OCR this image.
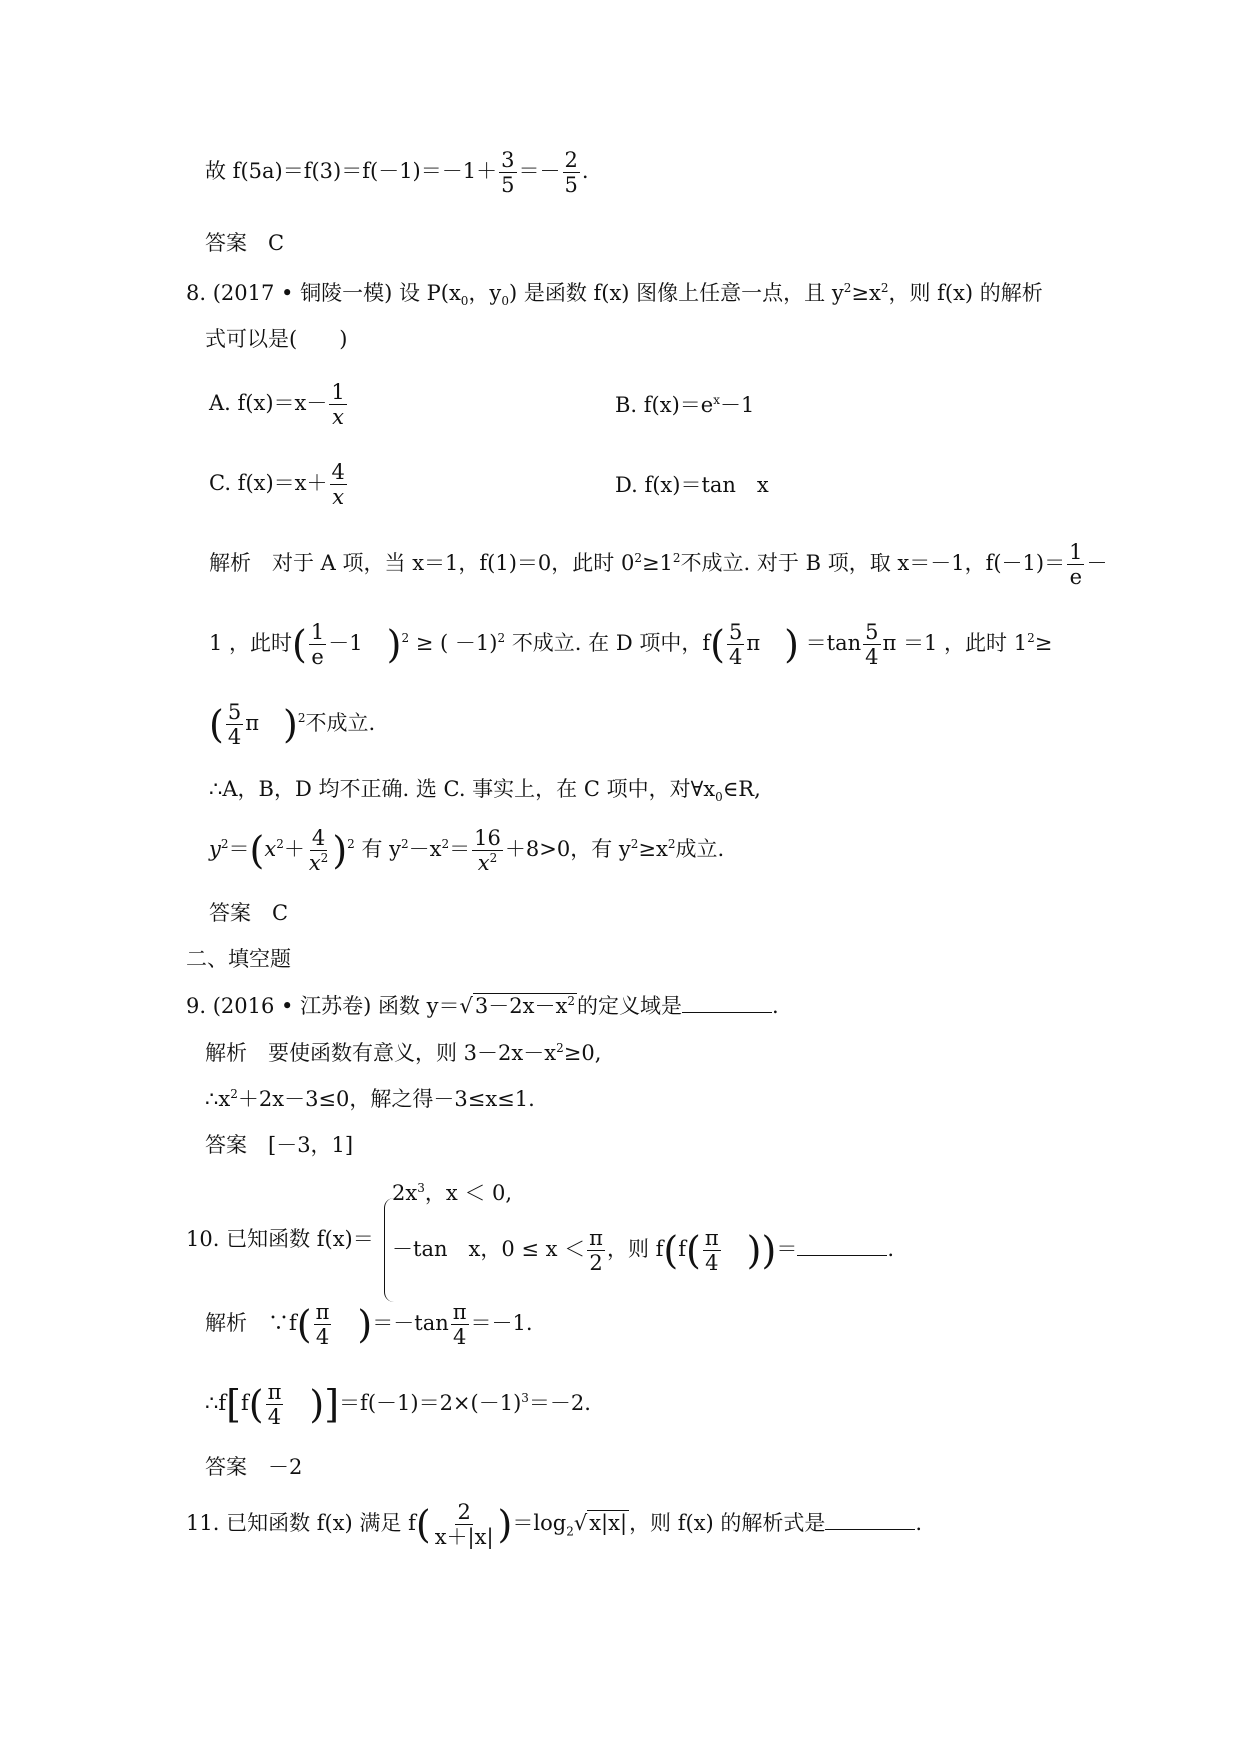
故 $f(5a)=f(3)=f(-1)=-1+ \frac{3}{5} =- \frac{2}{5}$ .
答案　C
8. (2017 • 铜陵一模) 设 $P(x_0$，$y_0$) 是函数 f(x) 图像上任意一点，且 $y^2\ge x^2$，则 f(x) 的解析
式可以是(　　)
A. $f(x)=x- \frac{1}{x}$	B. $f(x)=e^x-1$
C. $f(x)=x+ \frac{4}{x}$	D. f(x)＝tan　x
解析　对于 A 项，当 x＝1，f(1)＝0，此时 $0^2\ge 1^2$不成立. 对于 B 项，取 x＝－1，$f(-1)= \frac{1}{e}$ －
1 ，此时( $\frac{1}{e} -1$ )$^2$ ≥ ( －1)$^2$ 不成立. 在 D 项中，$f( \frac{5}{4}$ π ) $=\tan \frac{5}{4}$ π ＝1 ，此时 $1^2\ge$
( $\frac{5}{4}$ π )$^2$不成立.
∴A，B，D 均不正确. 选 C. 事实上，在 C 项中，对$\forall x_0\in R$,
$y^2=(x^2+ \frac{4}{x^2} )^2$ 有 $y^2-x^2= \frac{16}{x^2} +8>0$，有 $y^2\ge x^2$成立.
答案　C
二、填空题
9. (2016 • 江苏卷) 函数 $y=√3-2x-x^2$的定义域是	.
解析　要使函数有意义，则 $3-2x-x^2\ge 0$,
$\therefore x^2+2x-3\le 0$，解之得－3≤x≤1.
答案　[－3，1]
10. 已知函数 f(x)＝
$2x^3$，x ＜ 0,
－tan　x，$0 \le x < \frac{\pi}{2}$ ，则 $f(f( \frac{\pi}{4}$ ))＝	.
解析　∵f( $\frac{\pi}{4} )=-\tan \frac{\pi}{4} =-1$.
∴f[f( $\frac{\pi}{4} )]=f(-1)=2\times(-1)^3=-2$.
答案　－2
11. 已知函数 f(x) 满足 $f( \frac{2}{x+|x|} )=\log_2√x|x|$，则 f(x) 的解析式是	.
